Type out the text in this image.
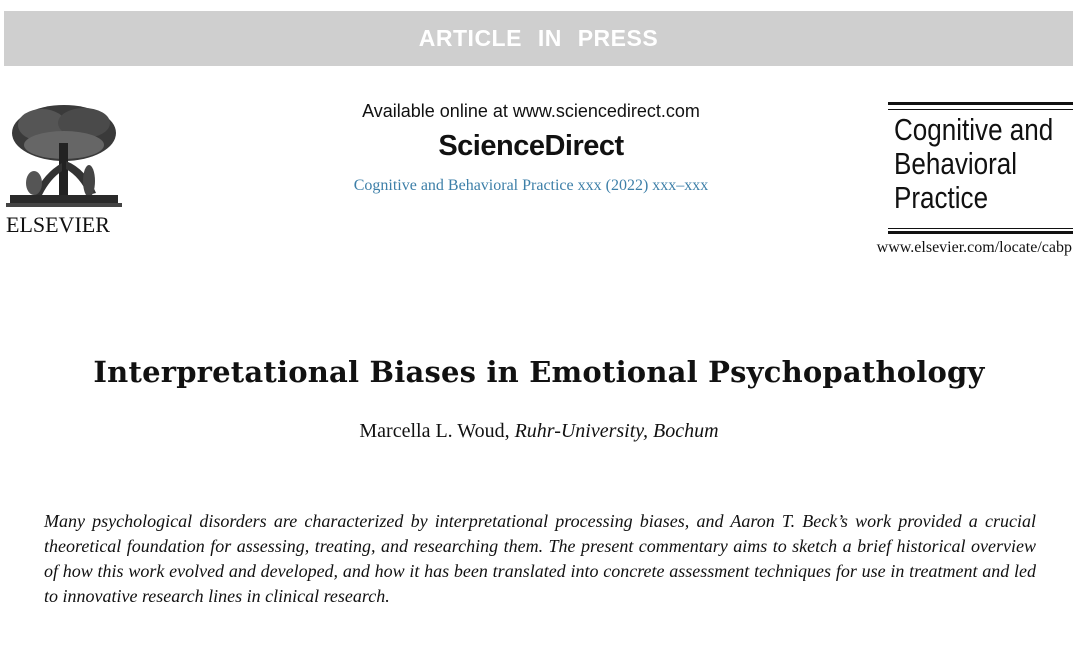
ARTICLE IN PRESS
ELSEVIER
Available online at www.sciencedirect.com
ScienceDirect
Cognitive and Behavioral Practice xxx (2022) xxx–xxx
Cognitive and
Behavioral
Practice
www.elsevier.com/locate/cabp
Interpretational Biases in Emotional Psychopathology
Marcella L. Woud, Ruhr-University, Bochum

Many psychological disorders are characterized by interpretational processing biases, and Aaron T. Beck’s work provided a crucial theoretical foundation for assessing, treating, and researching them. The present commentary aims to sketch a brief historical overview of how this work evolved and developed, and how it has been translated into concrete assessment techniques for use in treatment and led to innovative research lines in clinical research.
